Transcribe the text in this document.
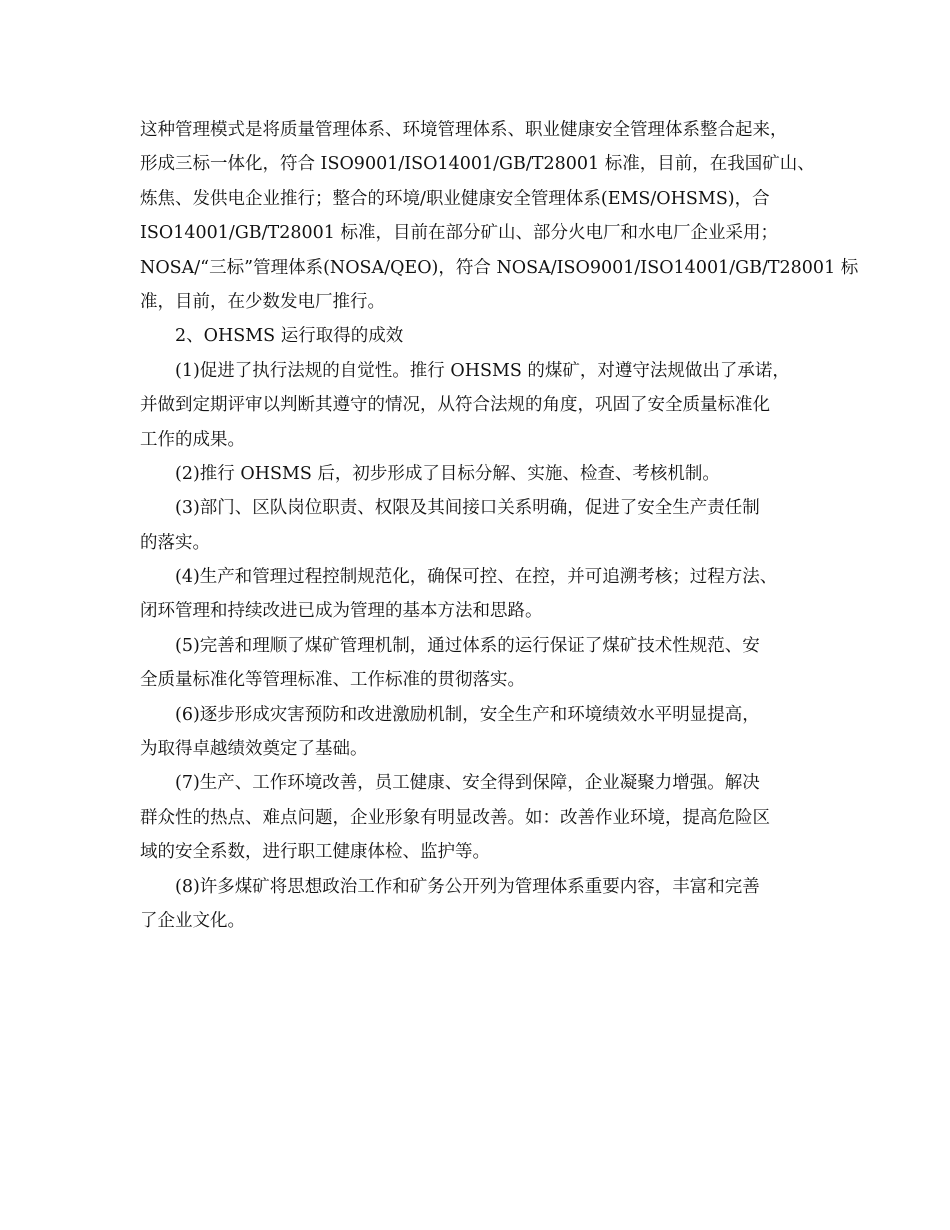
这种管理模式是将质量管理体系、环境管理体系、职业健康安全管理体系整合起来，
形成三标一体化，符合 ISO9001/ISO14001/GB/T28001 标准，目前，在我国矿山、
炼焦、发供电企业推行；整合的环境/职业健康安全管理体系(EMS/OHSMS)，合
ISO14001/GB/T28001 标准，目前在部分矿山、部分火电厂和水电厂企业采用；
NOSA/“三标”管理体系(NOSA/QEO)，符合 NOSA/ISO9001/ISO14001/GB/T28001 标
准，目前，在少数发电厂推行。
2、OHSMS 运行取得的成效
(1)促进了执行法规的自觉性。推行 OHSMS 的煤矿，对遵守法规做出了承诺，
并做到定期评审以判断其遵守的情况，从符合法规的角度，巩固了安全质量标准化
工作的成果。
(2)推行 OHSMS 后，初步形成了目标分解、实施、检查、考核机制。
(3)部门、区队岗位职责、权限及其间接口关系明确，促进了安全生产责任制
的落实。
(4)生产和管理过程控制规范化，确保可控、在控，并可追溯考核；过程方法、
闭环管理和持续改进已成为管理的基本方法和思路。
(5)完善和理顺了煤矿管理机制，通过体系的运行保证了煤矿技术性规范、安
全质量标准化等管理标准、工作标准的贯彻落实。
(6)逐步形成灾害预防和改进激励机制，安全生产和环境绩效水平明显提高，
为取得卓越绩效奠定了基础。
(7)生产、工作环境改善，员工健康、安全得到保障，企业凝聚力增强。解决
群众性的热点、难点问题，企业形象有明显改善。如：改善作业环境，提高危险区
域的安全系数，进行职工健康体检、监护等。
(8)许多煤矿将思想政治工作和矿务公开列为管理体系重要内容，丰富和完善
了企业文化。
